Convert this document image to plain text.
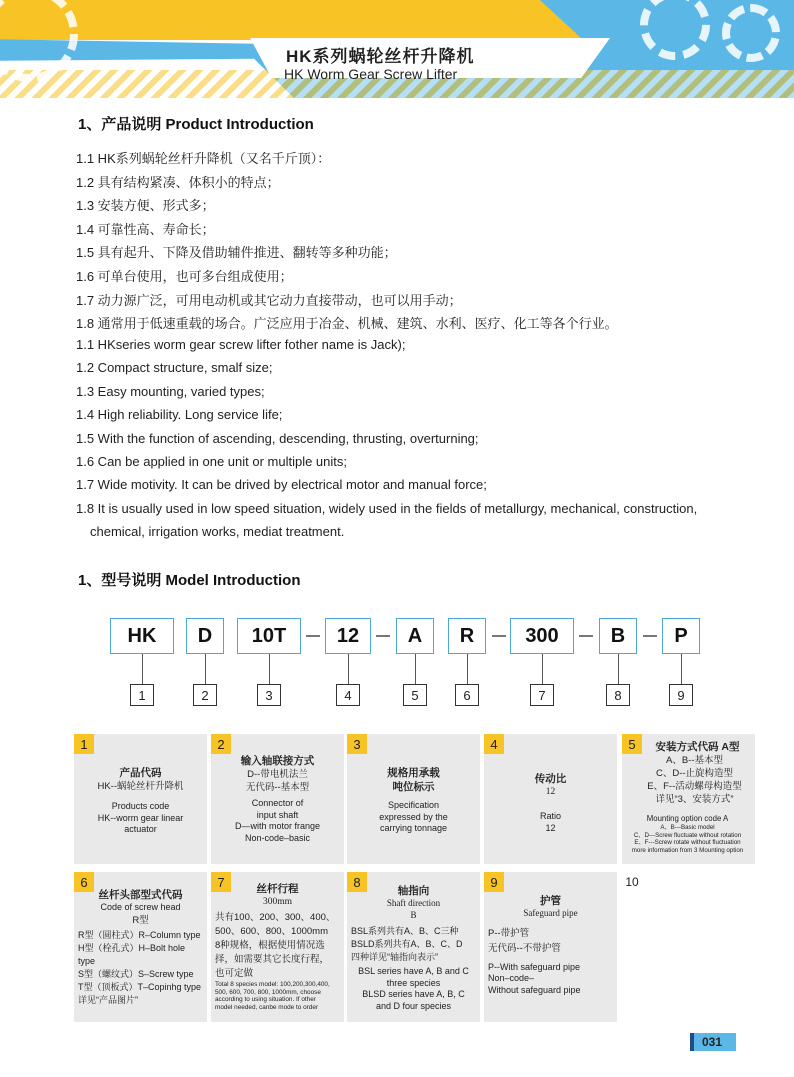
HK系列蜗轮丝杆升降机
HK Worm Gear Screw Lifter
1、产品说明 Product Introduction
1.1 HK系列蜗轮丝杆升降机（又名千斤顶）：
1.2 具有结构紧凑、体积小的特点；
1.3 安装方便、形式多；
1.4 可靠性高、寿命长；
1.5 具有起升、下降及借助辅件推进、翻转等多种功能；
1.6 可单台使用，也可多台组成使用；
1.7 动力源广泛，可用电动机或其它动力直接带动，也可以用手动；
1.8 通常用于低速重载的场合。广泛应用于冶金、机械、建筑、水利、医疗、化工等各个行业。
1.1 HKseries worm gear screw lifter fother name is Jack);
1.2 Compact structure, smalf size;
1.3 Easy mounting, varied types;
1.4 High reliability. Long service life;
1.5 With the function of ascending, descending, thrusting, overturning;
1.6 Can be applied in one unit or multiple units;
1.7 Wide motivity. It can be drived by electrical motor and manual force;
1.8 It is usually used in low speed situation, widely used in the fields of metallurgy, mechanical, construction,
chemical, irrigation works, mediat treatment.
1、型号说明 Model Introduction
HK	D	10T	12	A	R	300	B	P
1	2	3	4	5	6	7	8	9
1
产品代码
HK--蜗轮丝杆升降机
Products code
HK--worm gear linear
actuator
2
输入轴联接方式
D--带电机法兰
无代码--基本型
Connector of
input shaft
D—with motor frange
Non-code–basic
3
规格用承载
吨位标示
Specification
expressed by the
carrying tonnage
4
传动比
12
Ratio
12
5	安装方式代码 A型
A、B--基本型
C、D--止旋构造型
E、F--活动螺母构造型
详见“3、安装方式”
Mounting option code A
A、B---Basic model
C、D---Screw fluctuate without rotation
E、F---Screw rotate without fluctuation
more information from 3 Mounting option
6
丝杆头部型式代码
Code of screw head
R型
R型（圆柱式）R–Column type
H型（栓孔式）H–Bolt hole type
S型（螺纹式）S–Screw type
T型（顶板式）T–Copinhg type
详见“产品图片”
7	丝杆行程
300mm
共有100、200、300、400、
500、600、800、1000mm
8种规格，根据使用情况选
择，如需要其它长度行程，
也可定做
Total 8 species model: 100,200,300,400,
500, 600, 700, 800, 1000mm, choose
according to using situation. If other
model needed, canbe mode to order
8
轴指向
Shaft direction
B
BSL系列共有A、B、C三种
BSLD系列共有A、B、C、D
四种详见“轴指向表示”
BSL series have A, B and C
three species
BLSD series have A, B, C
and D four species
9
护管
Safeguard pipe
P--带护管
无代码--不带护管
P--With safeguard pipe
Non–code–
Without safeguard pipe
10
031
